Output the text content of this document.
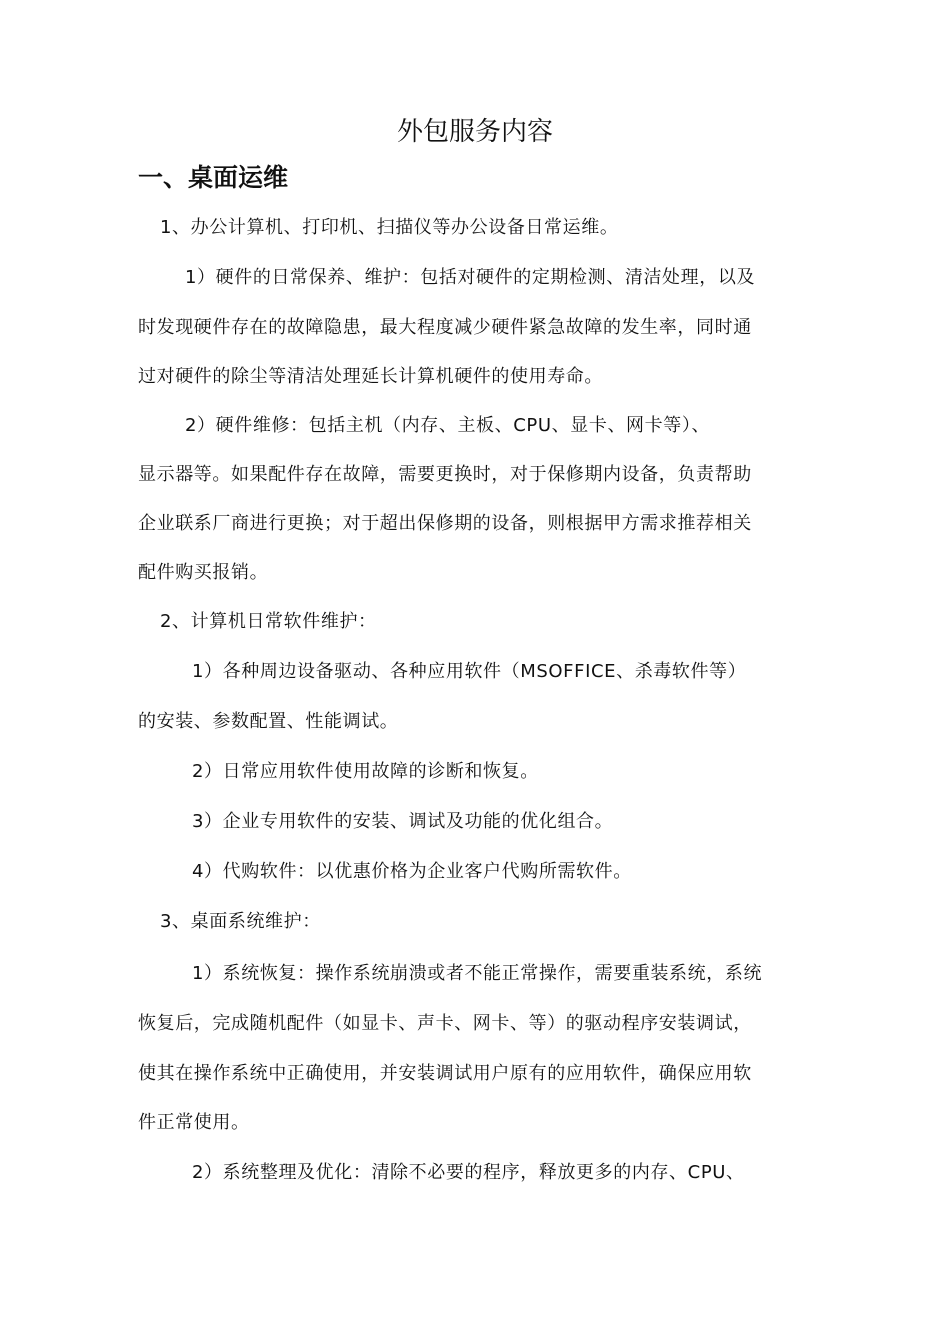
外包服务内容
一、桌面运维
1、办公计算机、打印机、扫描仪等办公设备日常运维。
1）硬件的日常保养、维护：包括对硬件的定期检测、清洁处理，以及
时发现硬件存在的故障隐患，最大程度减少硬件紧急故障的发生率，同时通
过对硬件的除尘等清洁处理延长计算机硬件的使用寿命。
2）硬件维修：包括主机（内存、主板、CPU、显卡、网卡等）、
显示器等。如果配件存在故障，需要更换时，对于保修期内设备，负责帮助
企业联系厂商进行更换；对于超出保修期的设备，则根据甲方需求推荐相关
配件购买报销。
2、计算机日常软件维护：
1）各种周边设备驱动、各种应用软件（MSOFFICE、杀毒软件等）
的安装、参数配置、性能调试。
2）日常应用软件使用故障的诊断和恢复。
3）企业专用软件的安装、调试及功能的优化组合。
4）代购软件：以优惠价格为企业客户代购所需软件。
3、桌面系统维护：
1）系统恢复：操作系统崩溃或者不能正常操作，需要重装系统，系统
恢复后，完成随机配件（如显卡、声卡、网卡、等）的驱动程序安装调试，
使其在操作系统中正确使用，并安装调试用户原有的应用软件，确保应用软
件正常使用。
2）系统整理及优化：清除不必要的程序，释放更多的内存、CPU、
